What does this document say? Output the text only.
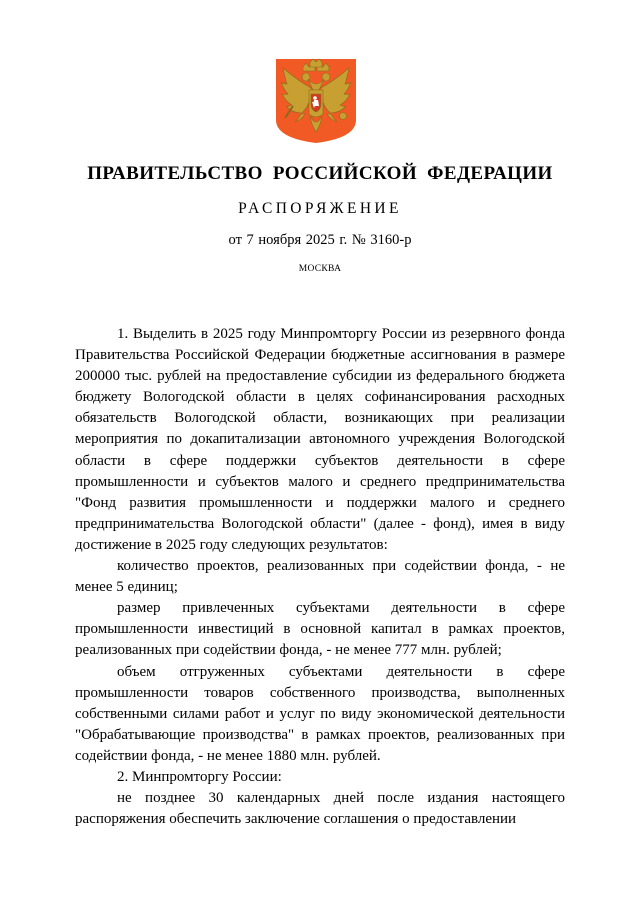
ПРАВИТЕЛЬСТВО РОССИЙСКОЙ ФЕДЕРАЦИИ
РАСПОРЯЖЕНИЕ
от 7 ноября 2025 г. № 3160-р
МОСКВА

1. Выделить в 2025 году Минпромторгу России из резервного фонда Правительства Российской Федерации бюджетные ассигнования в размере 200000 тыс. рублей на предоставление субсидии из федерального бюджета бюджету Вологодской области в целях софинансирования расходных обязательств Вологодской области, возникающих при реализации мероприятия по докапитализации автономного учреждения Вологодской области в сфере поддержки субъектов деятельности в сфере промышленности и субъектов малого и среднего предпринимательства "Фонд развития промышленности и поддержки малого и среднего предпринимательства Вологодской области" (далее - фонд), имея в виду достижение в 2025 году следующих результатов:

количество проектов, реализованных при содействии фонда, - не менее 5 единиц;

размер привлеченных субъектами деятельности в сфере промышленности инвестиций в основной капитал в рамках проектов, реализованных при содействии фонда, - не менее 777 млн. рублей;

объем отгруженных субъектами деятельности в сфере промышленности товаров собственного производства, выполненных собственными силами работ и услуг по виду экономической деятельности "Обрабатывающие производства" в рамках проектов, реализованных при содействии фонда, - не менее 1880 млн. рублей.

2. Минпромторгу России:

не позднее 30 календарных дней после издания настоящего распоряжения обеспечить заключение соглашения о предоставлении
